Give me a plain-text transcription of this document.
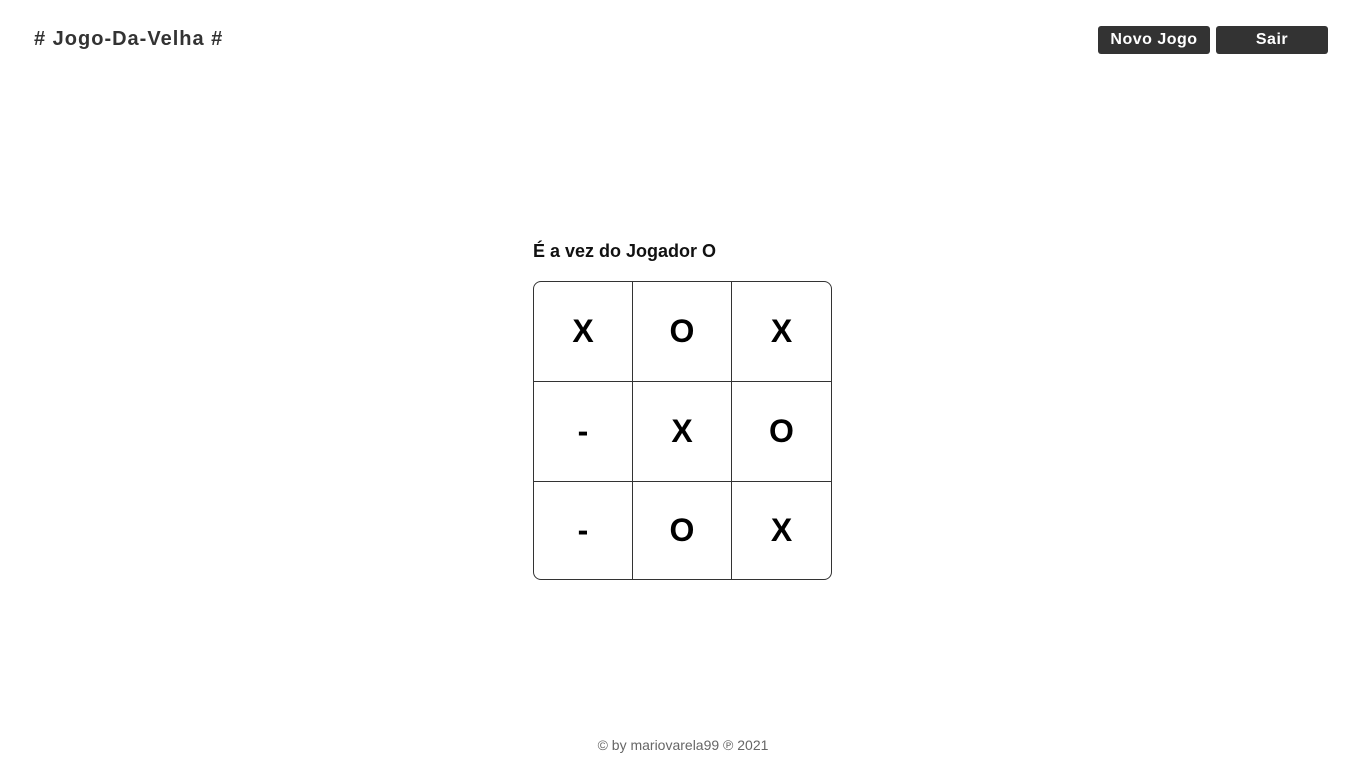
# Jogo-Da-Velha #	Novo Jogo	Sair
É a vez do Jogador O
X	O	X
-	X	O
-	O	X
© by mariovarela99 ℗ 2021
